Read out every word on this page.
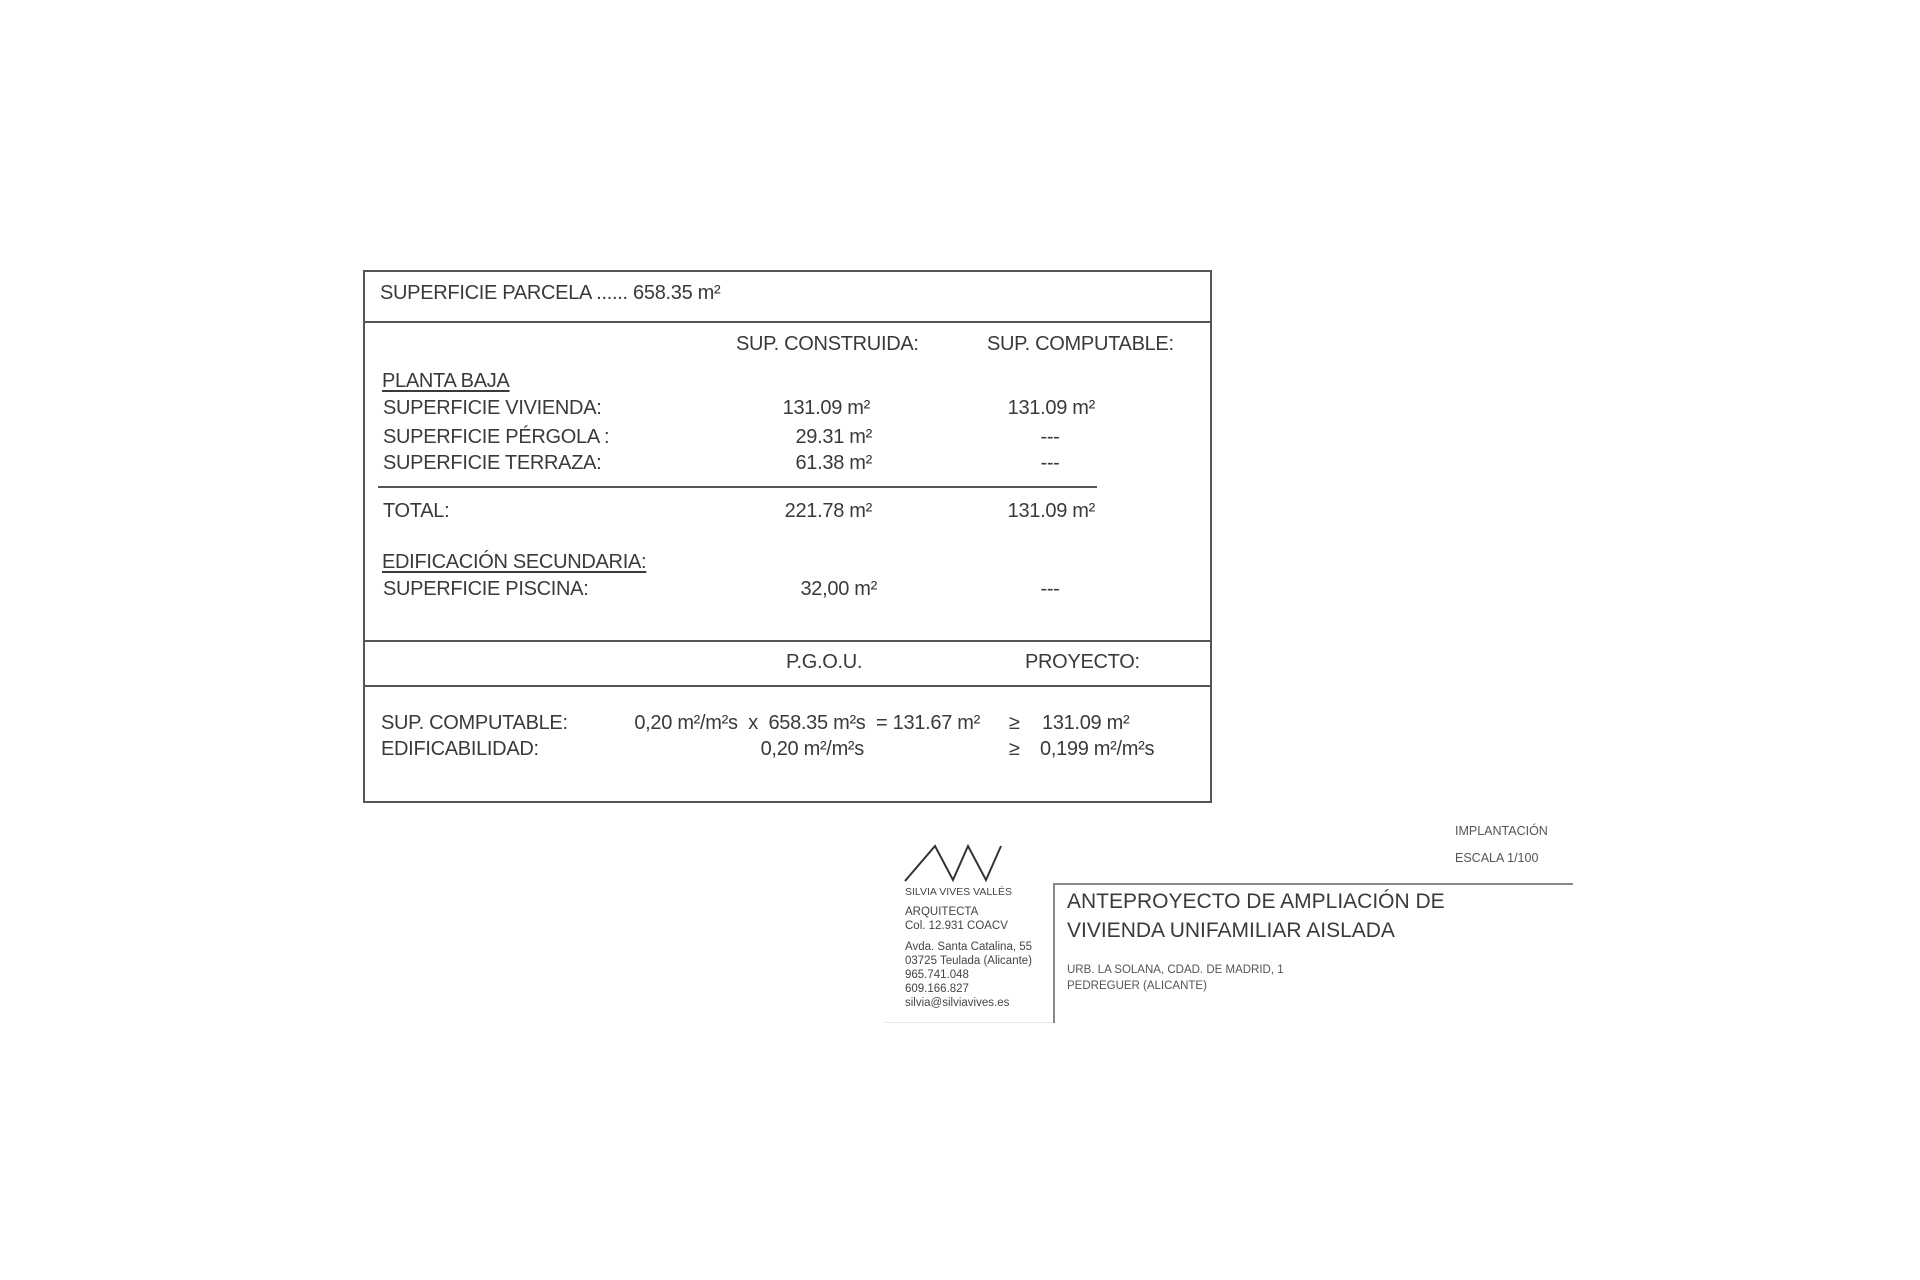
SUPERFICIE PARCELA ...... 658.35 m²
SUP. CONSTRUIDA:	SUP. COMPUTABLE:
PLANTA BAJA
SUPERFICIE VIVIENDA:	131.09 m²	131.09 m²
SUPERFICIE PÉRGOLA :	29.31 m²	---
SUPERFICIE TERRAZA:	61.38 m²	---
TOTAL:	221.78 m²	131.09 m²
EDIFICACIÓN SECUNDARIA:
SUPERFICIE PISCINA:	32,00 m²	---
P.G.O.U.	PROYECTO:
SUP. COMPUTABLE:	0,20 m²/m²s  x  658.35 m²s  = 131.67 m² ≥ 131.09 m²
EDIFICABILIDAD:	0,20 m²/m²s	≥ 0,199 m²/m²s
SILVIA VIVES VALLÉS
ARQUITECTA
Col. 12.931 COACV
Avda. Santa Catalina, 55
03725 Teulada (Alicante)
965.741.048
609.166.827
silvia@silviavives.es
IMPLANTACIÓN
ESCALA 1/100
ANTEPROYECTO DE AMPLIACIÓN DE
VIVIENDA UNIFAMILIAR AISLADA
URB. LA SOLANA, CDAD. DE MADRID, 1
PEDREGUER (ALICANTE)
